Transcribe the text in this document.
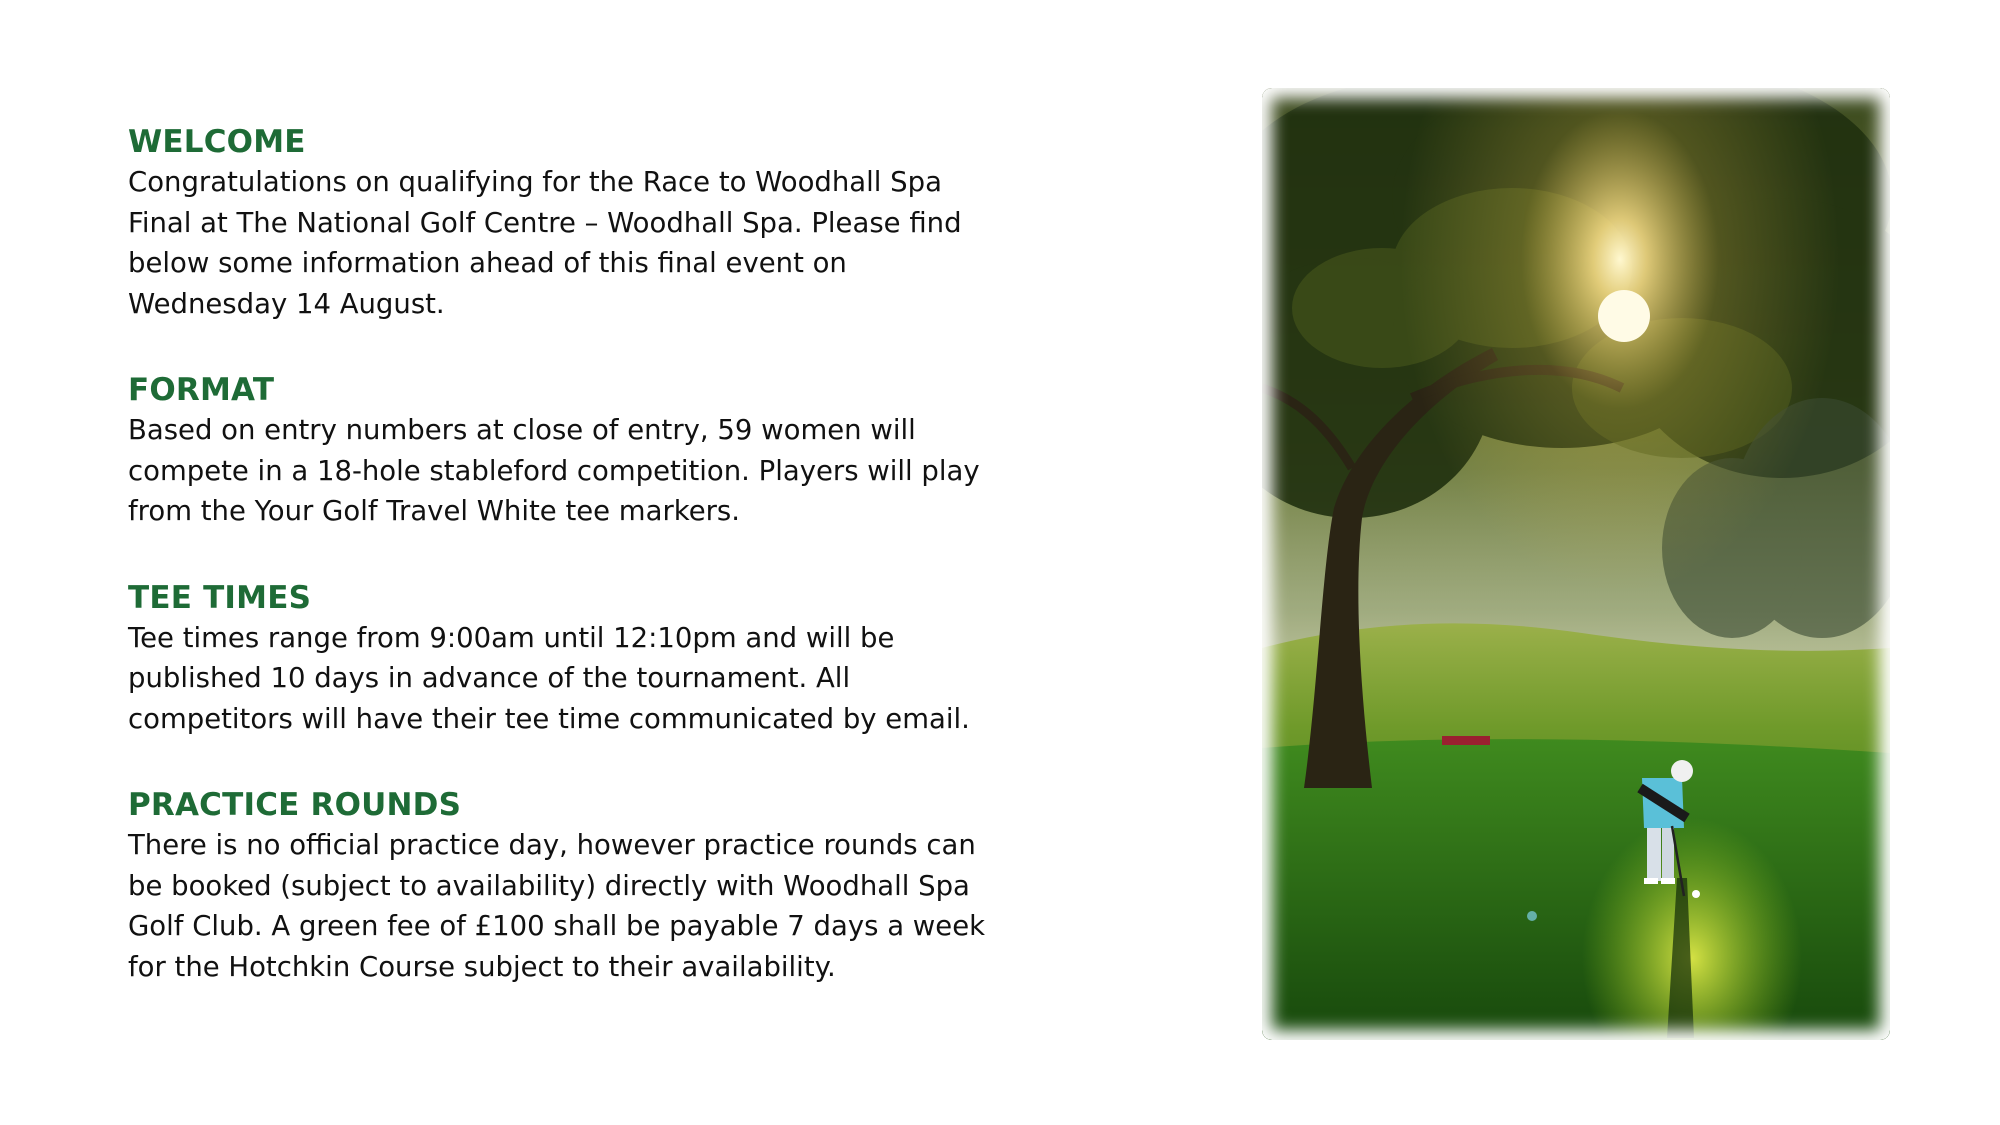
WELCOME

Congratulations on qualifying for the Race to Woodhall Spa
Final at The National Golf Centre – Woodhall Spa. Please find
below some information ahead of this final event on
Wednesday 14 August.

FORMAT

Based on entry numbers at close of entry, 59 women will
compete in a 18-hole stableford competition. Players will play
from the Your Golf Travel White tee markers.

TEE TIMES

Tee times range from 9:00am until 12:10pm and will be
published 10 days in advance of the tournament. All
competitors will have their tee time communicated by email.

PRACTICE ROUNDS

There is no official practice day, however practice rounds can
be booked (subject to availability) directly with Woodhall Spa
Golf Club. A green fee of £100 shall be payable 7 days a week
for the Hotchkin Course subject to their availability.
